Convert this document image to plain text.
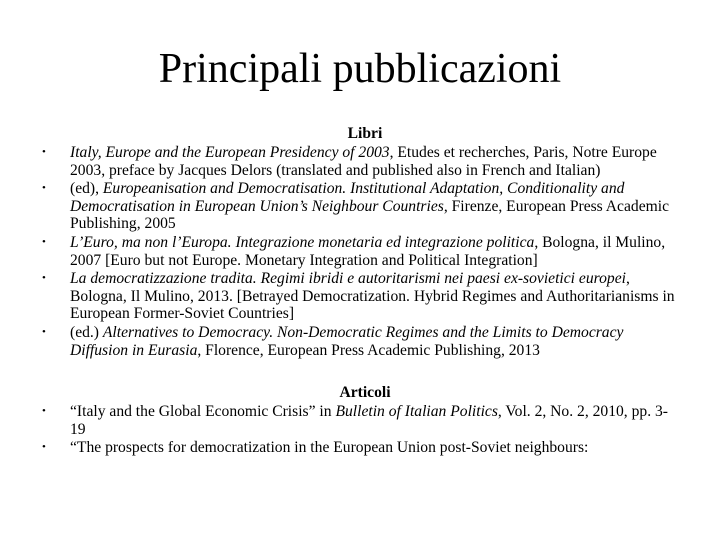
Principali pubblicazioni
Libri
•	Italy, Europe and the European Presidency of 2003, Etudes et recherches, Paris, Notre Europe 2003, preface by Jacques Delors (translated and published also in French and Italian)
•	(ed), Europeanisation and Democratisation. Institutional Adaptation, Conditionality and Democratisation in European Union’s Neighbour Countries, Firenze, European Press Academic Publishing, 2005
•	L’Euro, ma non l’Europa. Integrazione monetaria ed integrazione politica, Bologna, il Mulino, 2007 [Euro but not Europe. Monetary Integration and Political Integration]
•	La democratizzazione tradita. Regimi ibridi e autoritarismi nei paesi ex-sovietici europei, Bologna, Il Mulino, 2013. [Betrayed Democratization. Hybrid Regimes and Authoritarianisms in European Former-Soviet Countries]
•	(ed.) Alternatives to Democracy. Non-Democratic Regimes and the Limits to Democracy Diffusion in Eurasia, Florence, European Press Academic Publishing, 2013
Articoli
•	“Italy and the Global Economic Crisis” in Bulletin of Italian Politics, Vol. 2, No. 2, 2010, pp. 3-19
•	“The prospects for democratization in the European Union post-Soviet neighbours:
